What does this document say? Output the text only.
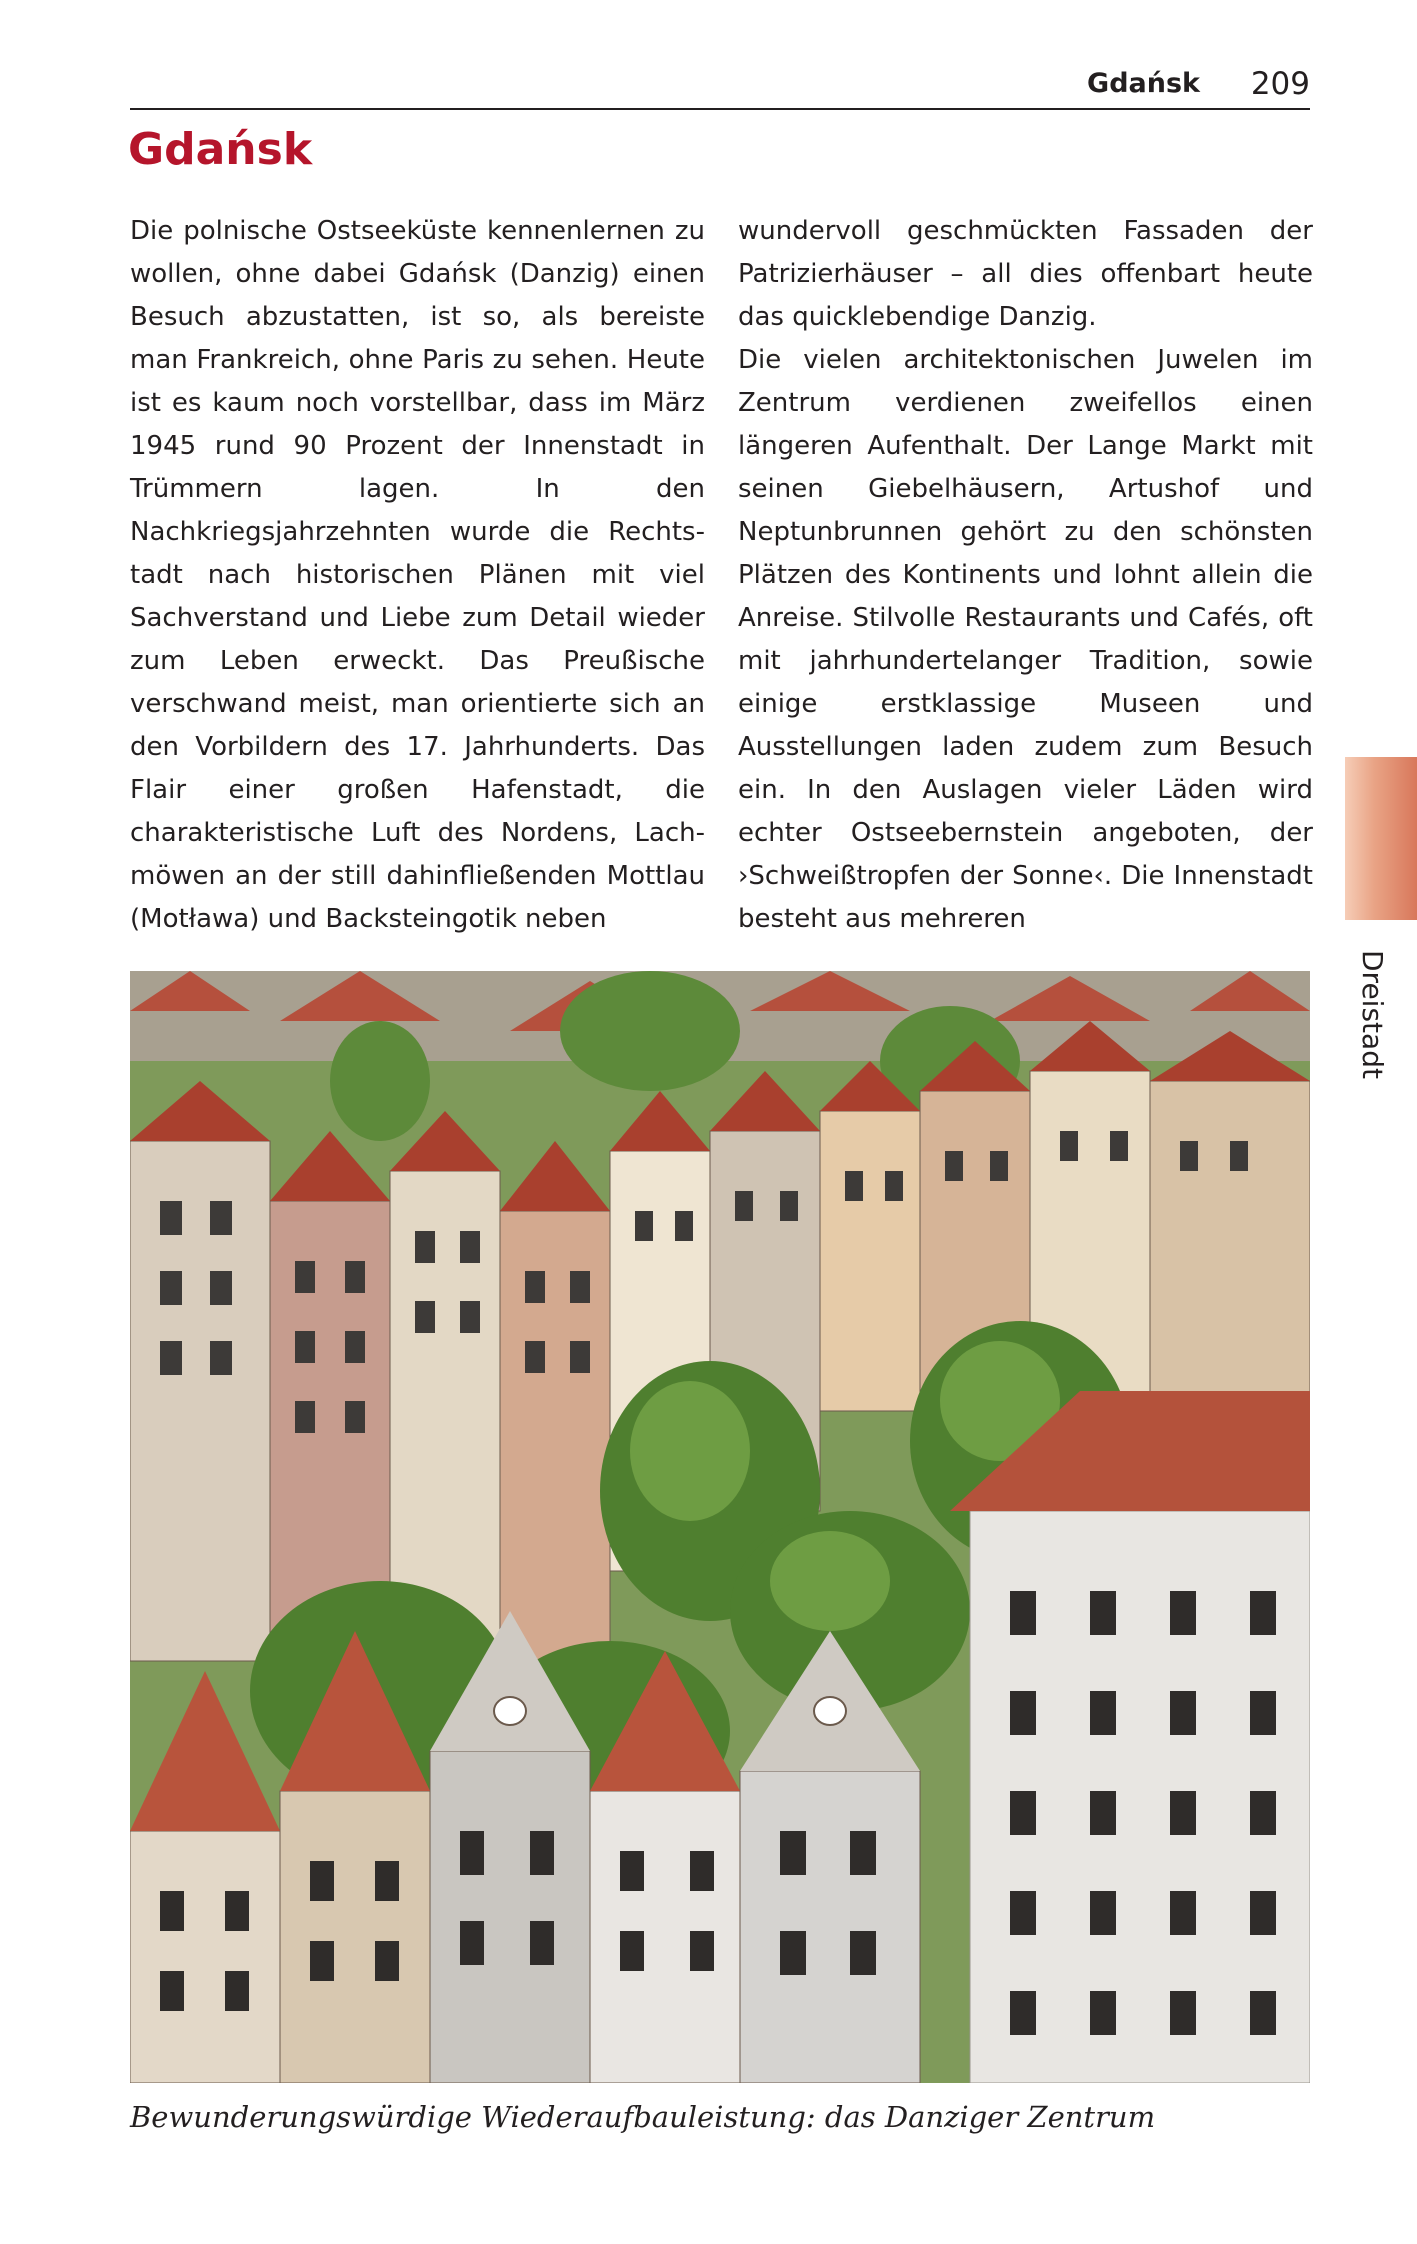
Gdańsk 209
Gdańsk

Die polnische Ostseeküste kennenlernen zu wollen, ohne dabei Gdańsk (Danzig) einen Besuch abzustatten, ist so, als bereiste man Frankreich, ohne Paris zu sehen. Heute ist es kaum noch vorstellbar, dass im März 1945 rund 90 Prozent der Innenstadt in Trümmern lagen. In den Nachkriegsjahrzehnten wurde die Rechtstadt nach historischen Plänen mit viel Sachverstand und Liebe zum Detail wieder zum Leben erweckt. Das Preußische verschwand meist, man orientierte sich an den Vorbildern des 17. Jahrhunderts. Das Flair einer großen Hafenstadt, die charakteristische Luft des Nordens, Lachmöwen an der still dahinfließenden Mottlau (Motława) und Backsteingotik neben

wundervoll geschmückten Fassaden der Patrizierhäuser – all dies offenbart heute das quicklebendige Danzig.

Die vielen architektonischen Juwelen im Zentrum verdienen zweifellos einen längeren Aufenthalt. Der Lange Markt mit seinen Giebelhäusern, Artushof und Neptunbrunnen gehört zu den schönsten Plätzen des Kontinents und lohnt allein die Anreise. Stilvolle Restaurants und Cafés, oft mit jahrhundertelanger Tradition, sowie einige erstklassige Museen und Ausstellungen laden zudem zum Besuch ein. In den Auslagen vieler Läden wird echter Ostseebernstein angeboten, der ›Schweißtropfen der Sonne‹. Die Innenstadt besteht aus mehreren

Dreistadt

Bewunderungswürdige Wiederaufbauleistung: das Danziger Zentrum
